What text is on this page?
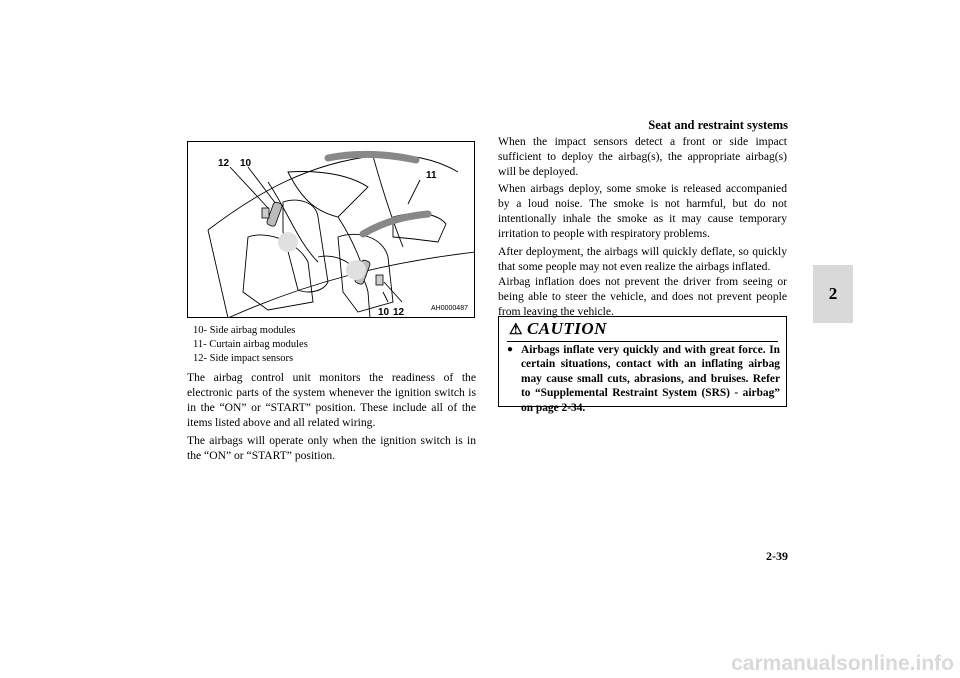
Seat and restraint systems
2
12 10
11
10 12	AH0000487
10- Side airbag modules
11- Curtain airbag modules
12- Side impact sensors
The airbag control unit monitors the readiness of the electronic parts of the system whenever the ignition switch is in the “ON” or “START” position. These include all of the items listed above and all related wiring.
The airbags will operate only when the ignition switch is in the “ON” or “START” position.
When the impact sensors detect a front or side impact sufficient to deploy the airbag(s), the appropriate airbag(s) will be deployed.
When airbags deploy, some smoke is released accompanied by a loud noise. The smoke is not harmful, but do not intentionally inhale the smoke as it may cause temporary irritation to people with respiratory problems.
After deployment, the airbags will quickly deflate, so quickly that some people may not even realize the airbags inflated.
Airbag inflation does not prevent the driver from seeing or being able to steer the vehicle, and does not prevent people from leaving the vehicle.
⚠ CAUTION
● Airbags inflate very quickly and with great force. In certain situations, contact with an inflating airbag may cause small cuts, abrasions, and bruises. Refer to “Supplemental Restraint System (SRS) - airbag” on page 2-34.
2-39
carmanualsonline.info
